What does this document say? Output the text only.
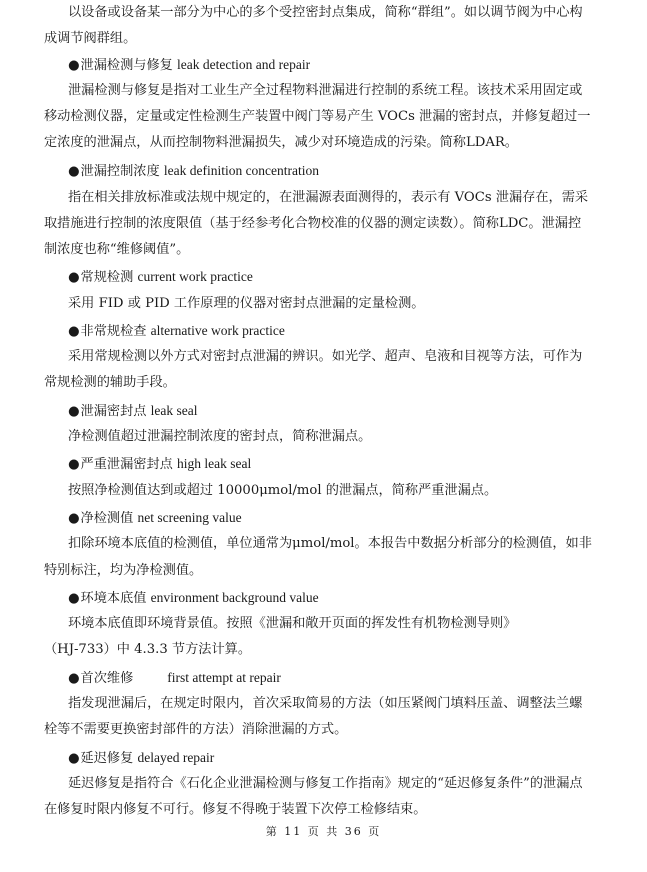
以设备或设备某一部分为中心的多个受控密封点集成，简称“群组”。如以调节阀为中心构
成调节阀群组。
●泄漏检测与修复 leak detection and repair
泄漏检测与修复是指对工业生产全过程物料泄漏进行控制的系统工程。该技术采用固定或
移动检测仪器，定量或定性检测生产装置中阀门等易产生 VOCs 泄漏的密封点，并修复超过一
定浓度的泄漏点，从而控制物料泄漏损失，减少对环境造成的污染。简称LDAR。
●泄漏控制浓度 leak definition concentration
指在相关排放标准或法规中规定的，在泄漏源表面测得的，表示有 VOCs 泄漏存在，需采
取措施进行控制的浓度限值（基于经参考化合物校准的仪器的测定读数）。简称LDC。泄漏控
制浓度也称“维修阈值”。
●常规检测 current work practice
采用 FID 或 PID 工作原理的仪器对密封点泄漏的定量检测。
●非常规检查 alternative work practice
采用常规检测以外方式对密封点泄漏的辨识。如光学、超声、皂液和目视等方法，可作为
常规检测的辅助手段。
●泄漏密封点 leak seal
净检测值超过泄漏控制浓度的密封点，简称泄漏点。
●严重泄漏密封点 high leak seal
按照净检测值达到或超过 10000μmol/mol 的泄漏点，简称严重泄漏点。
●净检测值 net screening value
扣除环境本底值的检测值，单位通常为μmol/mol。本报告中数据分析部分的检测值，如非
特别标注，均为净检测值。
●环境本底值 environment background value
环境本底值即环境背景值。按照《泄漏和敞开页面的挥发性有机物检测导则》
（HJ-733）中 4.3.3 节方法计算。
●首次维修	first attempt at repair
指发现泄漏后，在规定时限内，首次采取简易的方法（如压紧阀门填料压盖、调整法兰螺
栓等不需要更换密封部件的方法）消除泄漏的方式。
●延迟修复 delayed repair
延迟修复是指符合《石化企业泄漏检测与修复工作指南》规定的“延迟修复条件”的泄漏点
在修复时限内修复不可行。修复不得晚于装置下次停工检修结束。
第 11 页 共 36 页
